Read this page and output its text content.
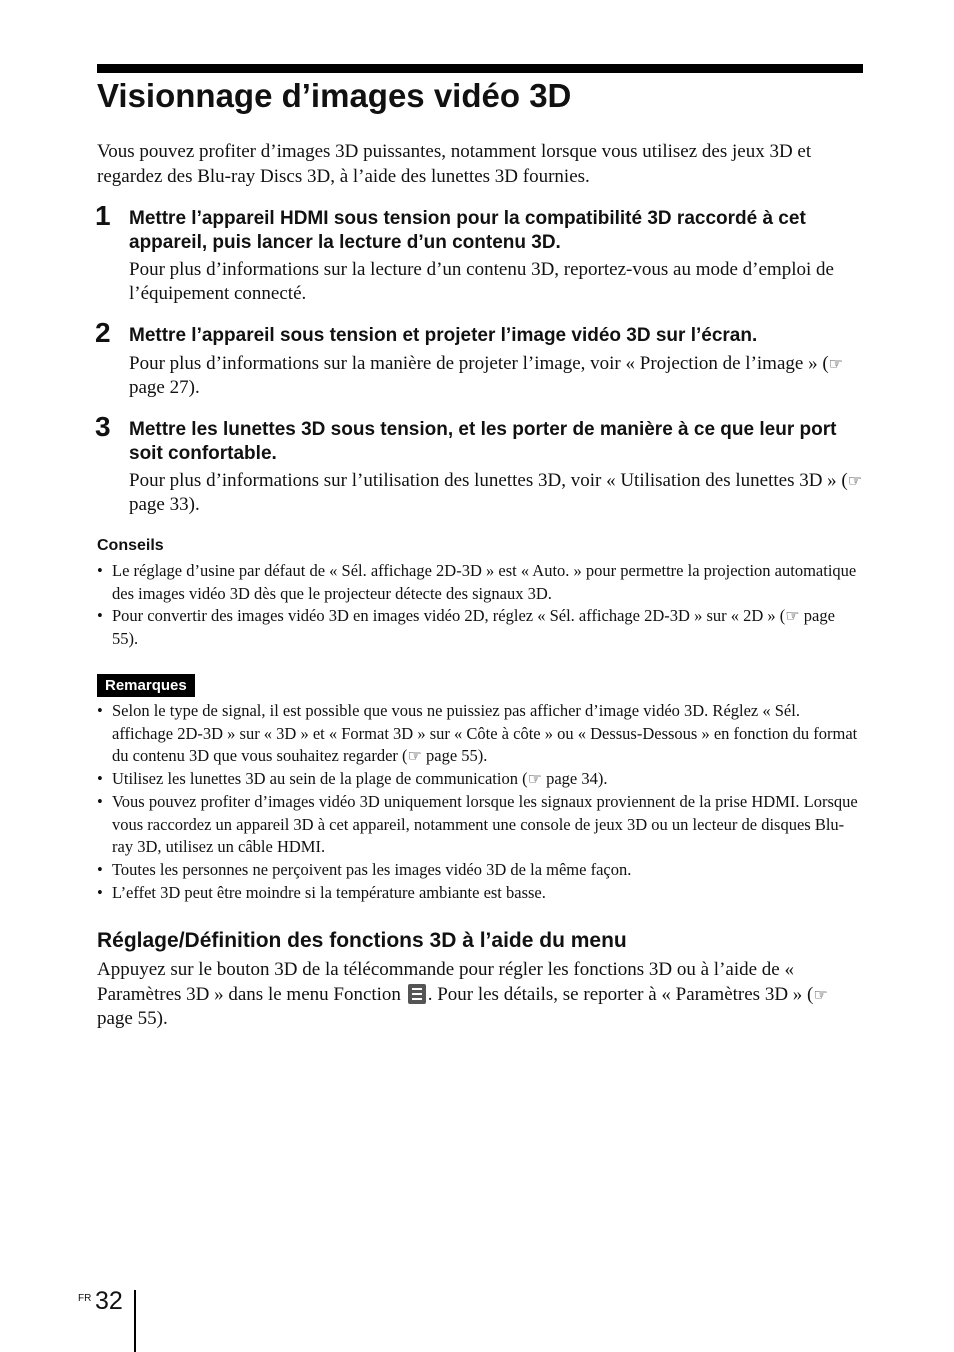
Visionnage d’images vidéo 3D

Vous pouvez profiter d’images 3D puissantes, notamment lorsque vous utilisez des jeux 3D et regardez des Blu-ray Discs 3D, à l’aide des lunettes 3D fournies.

1 Mettre l’appareil HDMI sous tension pour la compatibilité 3D raccordé à cet appareil, puis lancer la lecture d’un contenu 3D.

Pour plus d’informations sur la lecture d’un contenu 3D, reportez-vous au mode d’emploi de l’équipement connecté.

2 Mettre l’appareil sous tension et projeter l’image vidéo 3D sur l’écran.

Pour plus d’informations sur la manière de projeter l’image, voir « Projection de l’image » (☞ page 27).

3 Mettre les lunettes 3D sous tension, et les porter de manière à ce que leur port soit confortable.

Pour plus d’informations sur l’utilisation des lunettes 3D, voir « Utilisation des lunettes 3D » (☞ page 33).

Conseils
• Le réglage d’usine par défaut de « Sél. affichage 2D-3D » est « Auto. » pour permettre la projection automatique des images vidéo 3D dès que le projecteur détecte des signaux 3D.
• Pour convertir des images vidéo 3D en images vidéo 2D, réglez « Sél. affichage 2D-3D » sur « 2D » (☞ page 55).
Remarques
• Selon le type de signal, il est possible que vous ne puissiez pas afficher d’image vidéo 3D. Réglez « Sél. affichage 2D-3D » sur « 3D » et « Format 3D » sur « Côte à côte » ou « Dessus-Dessous » en fonction du format du contenu 3D que vous souhaitez regarder (☞ page 55).
• Utilisez les lunettes 3D au sein de la plage de communication (☞ page 34).
• Vous pouvez profiter d’images vidéo 3D uniquement lorsque les signaux proviennent de la prise HDMI. Lorsque vous raccordez un appareil 3D à cet appareil, notamment une console de jeux 3D ou un lecteur de disques Blu-ray 3D, utilisez un câble HDMI.
• Toutes les personnes ne perçoivent pas les images vidéo 3D de la même façon.
• L’effet 3D peut être moindre si la température ambiante est basse.
Réglage/Définition des fonctions 3D à l’aide du menu

Appuyez sur le bouton 3D de la télécommande pour régler les fonctions 3D ou à l’aide de « Paramètres 3D » dans le menu Fonction
. Pour les détails, se reporter à « Paramètres 3D » (☞ page 55).

FR 32
